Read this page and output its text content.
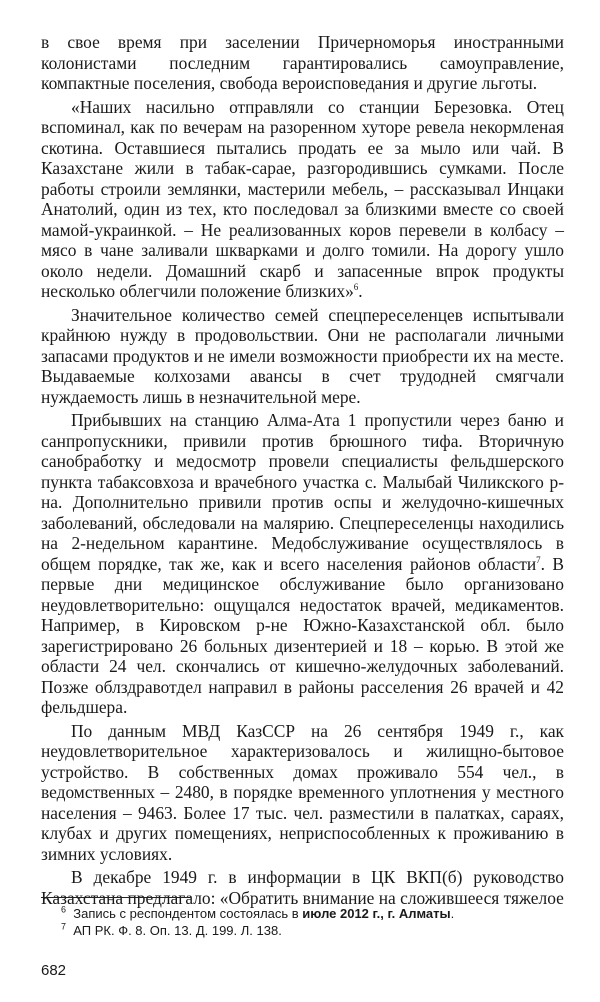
в свое время при заселении Причерноморья иностранными колонистами последним гарантировались самоуправление, компактные поселения, свобода вероисповедания и другие льготы.

«Наших насильно отправляли со станции Березовка. Отец вспоминал, как по вечерам на разоренном хуторе ревела некормленая скотина. Оставшиеся пытались продать ее за мыло или чай. В Казахстане жили в табак-сарае, разгородившись сумками. После работы строили землянки, мастерили мебель, – рассказывал Инцаки Анатолий, один из тех, кто последовал за близкими вместе со своей мамой-украинкой. – Не реализованных коров перевели в колбасу – мясо в чане заливали шкварками и долго томили. На дорогу ушло около недели. Домашний скарб и запасенные впрок продукты несколько облегчили положение близких»$^6$.

Значительное количество семей спецпереселенцев испытывали крайнюю нужду в продовольствии. Они не располагали личными запасами продуктов и не имели возможности приобрести их на месте. Выдаваемые колхозами авансы в счет трудодней смягчали нуждаемость лишь в незначительной мере.

Прибывших на станцию Алма-Ата 1 пропустили через баню и санпропускники, привили против брюшного тифа. Вторичную санобработку и медосмотр провели специалисты фельдшерского пункта табаксовхоза и врачебного участка с. Малыбай Чиликского р-на. Дополнительно привили против оспы и желудочно-кишечных заболеваний, обследовали на малярию. Спецпереселенцы находились на 2-недельном карантине. Медобслуживание осуществлялось в общем порядке, так же, как и всего населения районов области$^7$. В первые дни медицинское обслуживание было организовано неудовлетворительно: ощущался недостаток врачей, медикаментов. Например, в Кировском р-не Южно-Казахстанской обл. было зарегистрировано 26 больных дизентерией и 18 – корью. В этой же области 24 чел. скончались от кишечно-желудочных заболеваний. Позже облздравотдел направил в районы расселения 26 врачей и 42 фельдшера.

По данным МВД КазССР на 26 сентября 1949 г., как неудовлетворительное характеризовалось и жилищно-бытовое устройство. В собственных домах проживало 554 чел., в ведомственных – 2480, в порядке временного уплотнения у местного населения – 9463. Более 17 тыс. чел. разместили в палатках, сараях, клубах и других помещениях, неприспособленных к проживанию в зимних условиях.

В декабре 1949 г. в информации в ЦК ВКП(б) руководство Казахстана предлагало: «Обратить внимание на сложившееся тяжелое

$^6$ Запись с респондентом состоялась в июле 2012 г., г. Алматы.
$^7$ АП РК. Ф. 8. Оп. 13. Д. 199. Л. 138.
682
